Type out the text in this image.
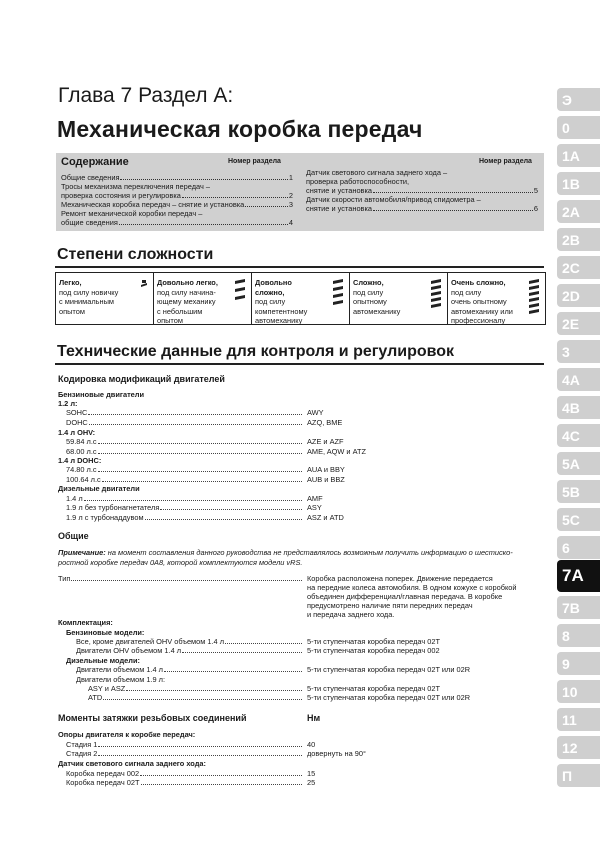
Глава 7 Раздел А:
Механическая коробка передач
Содержание	Номер раздела	Номер раздела
Общие сведения	1
Тросы механизма переключения передач –
проверка состояния и регулировка	2
Механическая коробка передач – снятие и установка	3
Ремонт механической коробки передач –
общие сведения	4
Датчик светового сигнала заднего хода –
проверка работоспособности,
снятие и установка	5
Датчик скорости автомобиля/привод спидометра –
снятие и установка	6
Степени сложности
Легко,
под силу новичку
с минимальным
опытом
Довольно легко,
под силу начина-
ющему механику
с небольшим
опытом
Довольно
сложно,
под силу
компетентному
автомеханику
Сложно,
под силу
опытному
автомеханику
Очень сложно,
под силу
очень опытному
автомеханику или
профессионалу
Технические данные для контроля и регулировок
Кодировка модификаций двигателей
Бензиновые двигатели
1.2 л:
SOHC	AWY
DOHC	AZQ, BME
1.4 л OHV:
59.84 л.с	AZE и AZF
68.00 л.с	AME, AQW и ATZ
1.4 л DOHC:
74.80 л.с	AUA и BBY
100.64 л.с	AUB и BBZ
Дизельные двигатели
1.4 л	AMF
1.9 л без турбонагнетателя	ASY
1.9 л с турбонаддувом	ASZ и ATD
Общие
Примечание: на момент составления данного руководства не представлялось возможным получить информацию о шестиско-
ростной коробке передач 0А8, которой комплектуются модели vRS.
Тип	Коробка расположена поперек. Движение передается
на передние колеса автомобиля. В одном кожухе с коробкой
объединен дифференциал/главная передача. В коробке
предусмотрено наличие пяти передних передач
и передача заднего хода.
Комплектация:
Бензиновые модели:
Все, кроме двигателей OHV объемом 1.4 л	5-ти ступенчатая коробка передач 02T
Двигатели OHV объемом 1.4 л	5-ти ступенчатая коробка передач 002
Дизельные модели:
Двигатели объемом 1.4 л	5-ти ступенчатая коробка передач 02T или 02R
Двигатели объемом 1.9 л:
ASY и ASZ	5-ти ступенчатая коробка передач 02T
ATD	5-ти ступенчатая коробка передач 02T или 02R
Моменты затяжки резьбовых соединений	Нм
Опоры двигателя к коробке передач:
Стадия 1	40
Стадия 2	довернуть на 90°
Датчик светового сигнала заднего хода:
Коробка передач 002	15
Коробка передач 02T	25
Э
0
1A
1B
2A
2B
2C
2D
2E
3
4A
4B
4C
5A
5B
5C
6
7A
7B
8
9
10
11
12
П
